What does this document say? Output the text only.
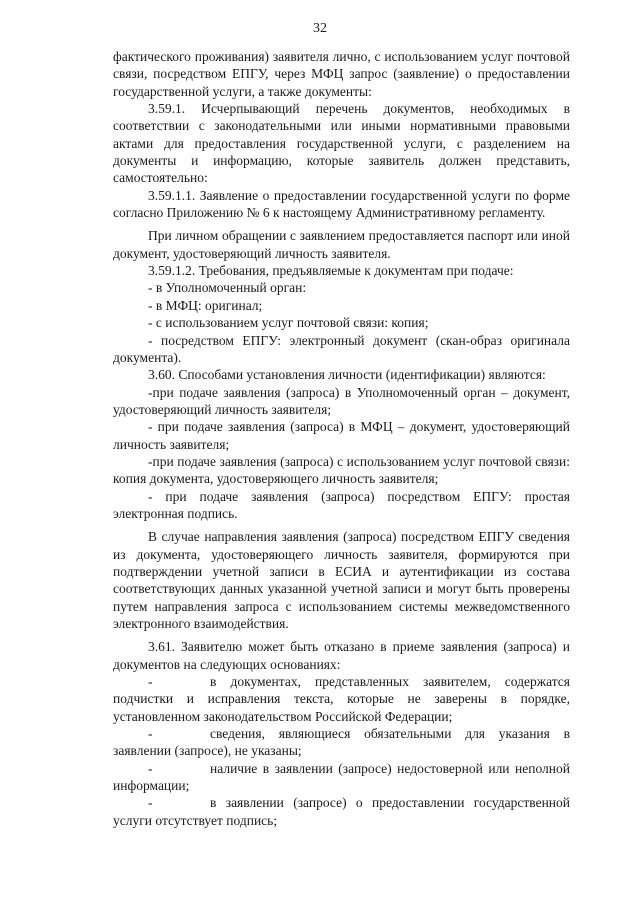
32

фактического проживания) заявителя лично, с использованием услуг почтовой связи, посредством ЕПГУ, через МФЦ запрос (заявление) о предоставлении государственной услуги, а также документы:

3.59.1. Исчерпывающий перечень документов, необходимых в соответствии с законодательными или иными нормативными правовыми актами для предоставления государственной услуги, с разделением на документы и информацию, которые заявитель должен представить, самостоятельно:

3.59.1.1. Заявление о предоставлении государственной услуги по форме согласно Приложению № 6 к настоящему Административному регламенту.

При личном обращении с заявлением предоставляется паспорт или иной документ, удостоверяющий личность заявителя.

3.59.1.2. Требования, предъявляемые к документам при подаче:

- в Уполномоченный орган:

- в МФЦ: оригинал;

- с использованием услуг почтовой связи: копия;

- посредством ЕПГУ: электронный документ (скан-образ оригинала документа).

3.60. Способами установления личности (идентификации) являются:

-при подаче заявления (запроса) в Уполномоченный орган – документ, удостоверяющий личность заявителя;

- при подаче заявления (запроса) в МФЦ – документ, удостоверяющий личность заявителя;

-при подаче заявления (запроса) с использованием услуг почтовой связи: копия документа, удостоверяющего личность заявителя;

- при подаче заявления (запроса) посредством ЕПГУ: простая электронная подпись.

В случае направления заявления (запроса) посредством ЕПГУ сведения из документа, удостоверяющего личность заявителя, формируются при подтверждении учетной записи в ЕСИА и аутентификации из состава соответствующих данных указанной учетной записи и могут быть проверены путем направления запроса с использованием системы межведомственного электронного взаимодействия.

3.61. Заявителю может быть отказано в приеме заявления (запроса) и документов на следующих основаниях:

-	в документах, представленных заявителем, содержатся подчистки и исправления текста, которые не заверены в порядке, установленном законодательством Российской Федерации;

-	сведения, являющиеся обязательными для указания в заявлении (запросе), не указаны;

-	наличие в заявлении (запросе) недостоверной или неполной информации;

-	в заявлении (запросе) о предоставлении государственной услуги отсутствует подпись;
